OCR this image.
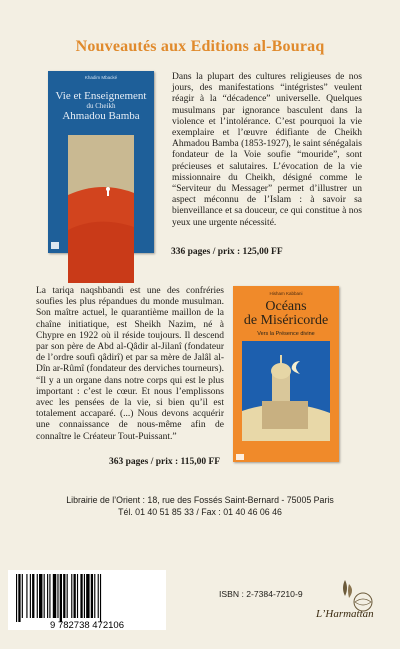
Nouveautés aux Editions al-Bouraq
Khadim Mbacké
Vie et Enseignement
du Cheikh
Ahmadou Bamba
Dans la plupart des cultures religieuses de nos jours, des manifestations “intégristes” veulent réagir à la “décadence” universelle. Quelques musulmans par ignorance basculent dans la violence et l’intolérance. C’est pourquoi la vie exemplaire et l’œuvre édifiante de Cheikh Ahmadou Bamba (1853-1927), le saint sénégalais fondateur de la Voie soufie “mouride”, sont précieuses et salutaires. L’évocation de la vie missionnaire du Cheikh, désigné comme le “Serviteur du Messager” permet d’illustrer un aspect méconnu de l’Islam : à savoir sa bienveillance et sa douceur, ce qui constitue à nos yeux une urgente nécessité.
336 pages / prix : 125,00 FF
La tariqa naqshbandi est une des confréries soufies les plus répandues du monde musulman. Son maître actuel, le quarantième maillon de la chaîne initiatique, est Sheikh Nazim, né à Chypre en 1922 où il réside toujours. Il descend par son père de Abd al-Qâdir al-Jilanî (fondateur de l’ordre soufi qâdirî) et par sa mère de Jalâl al-Dîn ar-Rûmî (fondateur des derviches tourneurs). “Il y a un organe dans notre corps qui est le plus important : c’est le cœur. Et nous l’emplissons avec les pensées de la vie, si bien qu’il est totalement accaparé. (...) Nous devons acquérir une connaissance de nous-même afin de connaître le Créateur Tout-Puissant.”
Hisham Kabbani
Océans
de Miséricorde
Vers la Présence divine
363 pages / prix : 115,00 FF
Librairie de l’Orient : 18, rue des Fossés Saint-Bernard - 75005 Paris
Tél. 01 40 51 85 33 / Fax : 01 40 46 06 46
9 782738 472106
ISBN : 2-7384-7210-9
L’Harmattan
